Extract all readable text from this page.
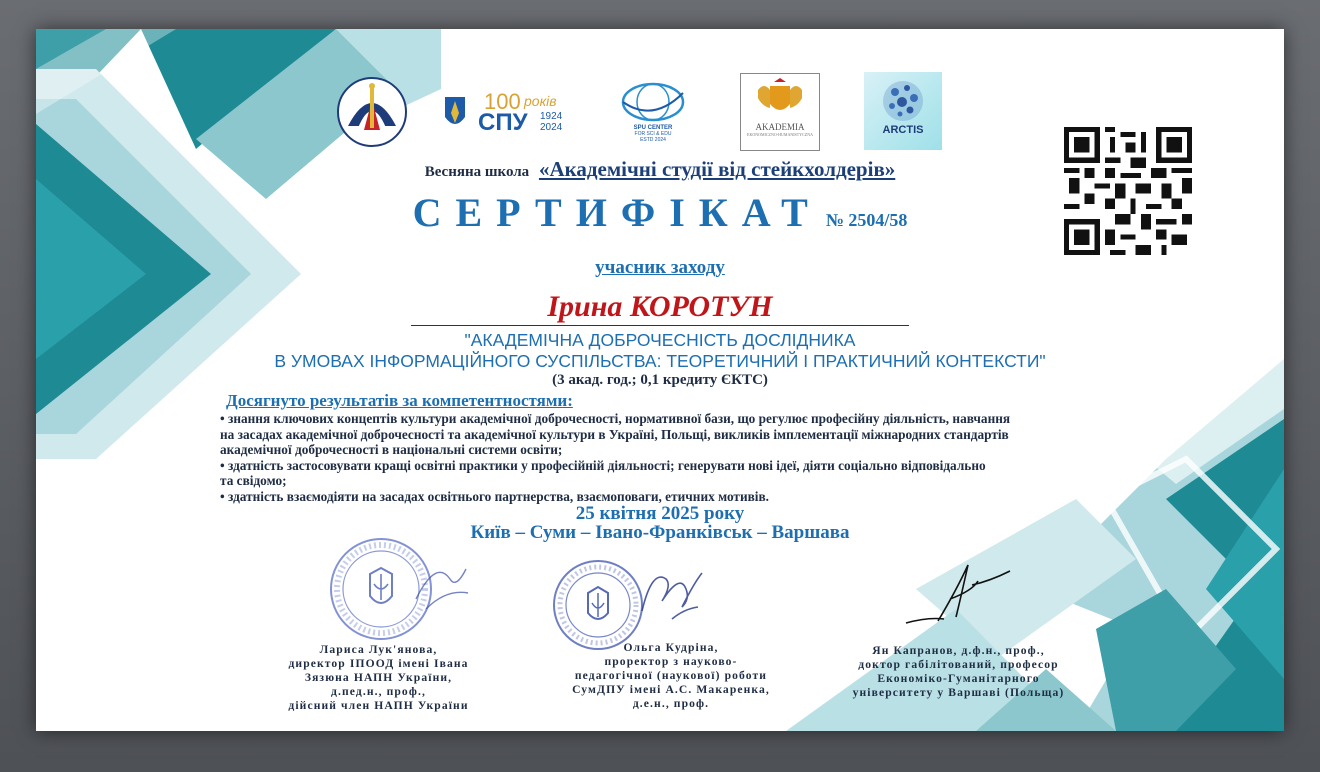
100 років
СПУ 1924
2024	SPU CENTER
FOR SCI & EDU
ESTD 2024
AKADEMIA
EKONOMICZNO-HUMANISTYCZNA	ARCTIS
Весняна школа «Академічні студії від стейкхолдерів»
СЕРТИФІКАТ № 2504/58
учасник заходу
Ірина КОРОТУН
"АКАДЕМІЧНА ДОБРОЧЕСНІСТЬ ДОСЛІДНИКА
В УМОВАХ ІНФОРМАЦІЙНОГО СУСПІЛЬСТВА: ТЕОРЕТИЧНИЙ І ПРАКТИЧНИЙ КОНТЕКСТИ"
(3 акад. год.; 0,1 кредиту ЄКТС)
Досягнуто результатів за компетентностями:
• знання ключових концептів культури академічної доброчесності, нормативної бази, що регулює професійну діяльність, навчання
на засадах академічної доброчесності та академічної культури в Україні, Польщі, викликів імплементації міжнародних стандартів
академічної доброчесності в національні системи освіти;
• здатність застосовувати кращі освітні практики у професійній діяльності; генерувати нові ідеї, діяти соціально відповідально
та свідомо;
• здатність взаємодіяти на засадах освітнього партнерства, взаємоповаги, етичних мотивів.
25 квітня 2025 року
Київ – Суми – Івано-Франківськ – Варшава
Лариса Лук'янова,
директор ІПООД імені Івана
Зязюна НАПН України,
д.пед.н., проф.,
дійсний член НАПН України
Ольга Кудріна,
проректор з науково-
педагогічної (наукової) роботи
СумДПУ імені А.С. Макаренка,
д.е.н., проф.
Ян Капранов, д.ф.н., проф.,
доктор габілітований, професор
Економіко-Гуманітарного
університету у Варшаві (Польща)
